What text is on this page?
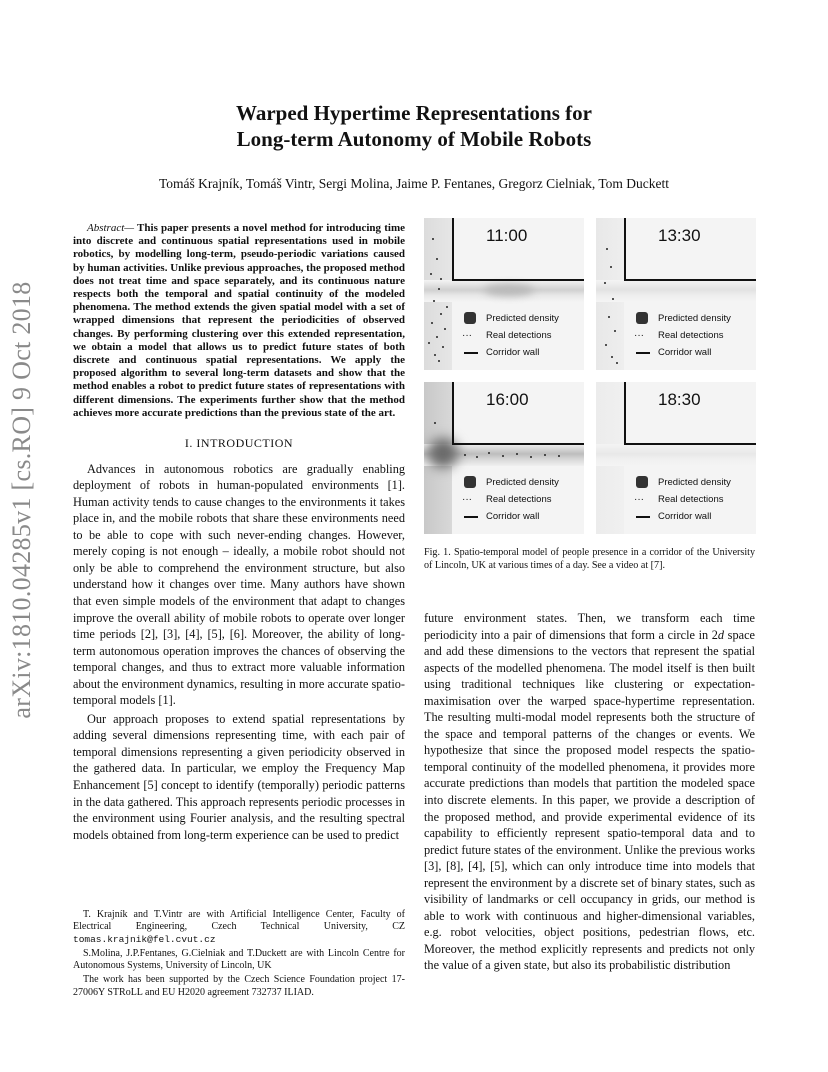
arXiv:1810.04285v1 [cs.RO] 9 Oct 2018
Warped Hypertime Representations for
Long-term Autonomy of Mobile Robots
Tomáš Krajník, Tomáš Vintr, Sergi Molina, Jaime P. Fentanes, Gregorz Cielniak, Tom Duckett

Abstract— This paper presents a novel method for introducing time into discrete and continuous spatial representations used in mobile robotics, by modelling long-term, pseudo-periodic variations caused by human activities. Unlike previous approaches, the proposed method does not treat time and space separately, and its continuous nature respects both the temporal and spatial continuity of the modeled phenomena. The method extends the given spatial model with a set of wrapped dimensions that represent the periodicities of observed changes. By performing clustering over this extended representation, we obtain a model that allows us to predict future states of both discrete and continuous spatial representations. We apply the proposed algorithm to several long-term datasets and show that the method enables a robot to predict future states of representations with different dimensions. The experiments further show that the method achieves more accurate predictions than the previous state of the art.

I. INTRODUCTION

Advances in autonomous robotics are gradually enabling deployment of robots in human-populated environments [1]. Human activity tends to cause changes to the environments it takes place in, and the mobile robots that share these environments need to be able to cope with such never-ending changes. However, merely coping is not enough – ideally, a mobile robot should not only be able to comprehend the environment structure, but also understand how it changes over time. Many authors have shown that even simple models of the environment that adapt to changes improve the overall ability of mobile robots to operate over longer time periods [2], [3], [4], [5], [6]. Moreover, the ability of long-term autonomous operation improves the chances of observing the temporal changes, and thus to extract more valuable information about the environment dynamics, resulting in more accurate spatio-temporal models [1].

Our approach proposes to extend spatial representations by adding several dimensions representing time, with each pair of temporal dimensions representing a given periodicity observed in the gathered data. In particular, we employ the Frequency Map Enhancement [5] concept to identify (temporally) periodic patterns in the data gathered. This approach represents periodic processes in the environment using Fourier analysis, and the resulting spectral models obtained from long-term experience can be used to predict

T. Krajník and T.Vintr are with Artificial Intelligence Center, Faculty of Electrical Engineering, Czech Technical University, CZ tomas.krajnik@fel.cvut.cz

S.Molina, J.P.Fentanes, G.Cielniak and T.Duckett are with Lincoln Centre for Autonomous Systems, University of Lincoln, UK

The work has been supported by the Czech Science Foundation project 17-27006Y STRoLL and EU H2020 agreement 732737 ILIAD.

11:00
Predicted density
···	Real detections
Corridor wall
13:30
Predicted density
···	Real detections
Corridor wall
16:00
Predicted density
···	Real detections
Corridor wall
18:30
Predicted density
···	Real detections
Corridor wall
Fig. 1. Spatio-temporal model of people presence in a corridor of the University of Lincoln, UK at various times of a day. See a video at [7].

future environment states. Then, we transform each time periodicity into a pair of dimensions that form a circle in 2d space and add these dimensions to the vectors that represent the spatial aspects of the modelled phenomena. The model itself is then built using traditional techniques like clustering or expectation-maximisation over the warped space-hypertime representation. The resulting multi-modal model represents both the structure of the space and temporal patterns of the changes or events. We hypothesize that since the proposed model respects the spatio-temporal continuity of the modelled phenomena, it provides more accurate predictions than models that partition the modeled space into discrete elements. In this paper, we provide a description of the proposed method, and provide experimental evidence of its capability to efficiently represent spatio-temporal data and to predict future states of the environment. Unlike the previous works [3], [8], [4], [5], which can only introduce time into models that represent the environment by a discrete set of binary states, such as visibility of landmarks or cell occupancy in grids, our method is able to work with continuous and higher-dimensional variables, e.g. robot velocities, object positions, pedestrian flows, etc. Moreover, the method explicitly represents and predicts not only the value of a given state, but also its probabilistic distribution
